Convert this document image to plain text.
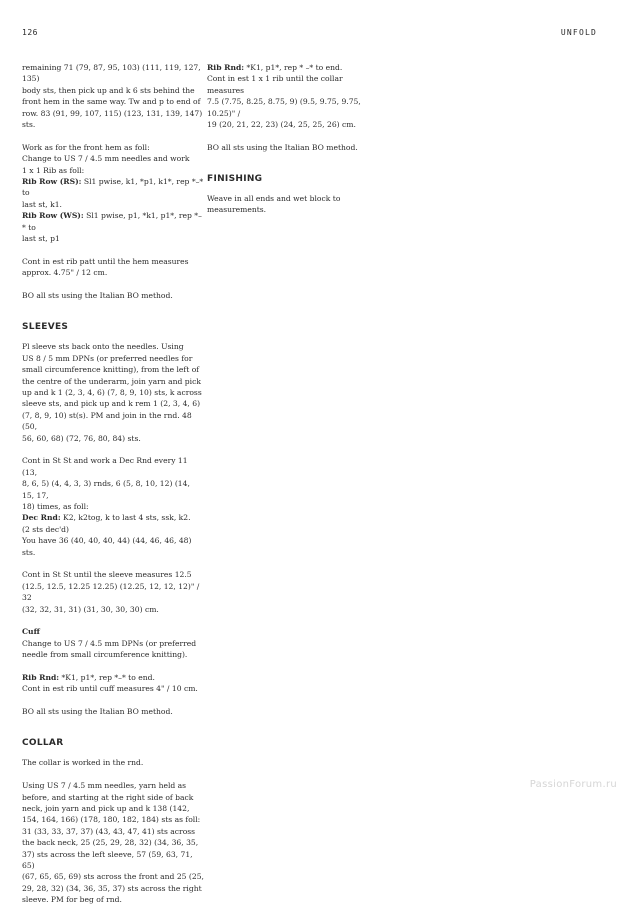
126	UNFOLD
remaining 71 (79, 87, 95, 103) (111, 119, 127, 135)
body sts, then pick up and k 6 sts behind the
front hem in the same way. Tw and p to end of
row. 83 (91, 99, 107, 115) (123, 131, 139, 147) sts.
Work as for the front hem as foll:
Change to US 7 / 4.5 mm needles and work
1 x 1 Rib as foll:
Rib Row (RS): Sl1 pwise, k1, *p1, k1*, rep *–* to
last st, k1.
Rib Row (WS): Sl1 pwise, p1, *k1, p1*, rep *–* to
last st, p1
Cont in est rib patt until the hem measures
approx. 4.75" / 12 cm.
BO all sts using the Italian BO method.
SLEEVES
Pl sleeve sts back onto the needles. Using
US 8 / 5 mm DPNs (or preferred needles for
small circumference knitting), from the left of
the centre of the underarm, join yarn and pick
up and k 1 (2, 3, 4, 6) (7, 8, 9, 10) sts, k across
sleeve sts, and pick up and k rem 1 (2, 3, 4, 6)
(7, 8, 9, 10) st(s). PM and join in the rnd. 48 (50,
56, 60, 68) (72, 76, 80, 84) sts.
Cont in St St and work a Dec Rnd every 11 (13,
8, 6, 5) (4, 4, 3, 3) rnds, 6 (5, 8, 10, 12) (14, 15, 17,
18) times, as foll:
Dec Rnd: K2, k2tog, k to last 4 sts, ssk, k2.
(2 sts dec'd)
You have 36 (40, 40, 40, 44) (44, 46, 46, 48) sts.
Cont in St St until the sleeve measures 12.5
(12.5, 12.5, 12.25 12.25) (12.25, 12, 12, 12)" / 32
(32, 32, 31, 31) (31, 30, 30, 30) cm.
Cuff
Change to US 7 / 4.5 mm DPNs (or preferred
needle from small circumference knitting).
Rib Rnd: *K1, p1*, rep *–* to end.
Cont in est rib until cuff measures 4" / 10 cm.
BO all sts using the Italian BO method.
COLLAR
The collar is worked in the rnd.
Using US 7 / 4.5 mm needles, yarn held as
before, and starting at the right side of back
neck, join yarn and pick up and k 138 (142,
154, 164, 166) (178, 180, 182, 184) sts as foll:
31 (33, 33, 37, 37) (43, 43, 47, 41) sts across
the back neck, 25 (25, 29, 28, 32) (34, 36, 35,
37) sts across the left sleeve, 57 (59, 63, 71, 65)
(67, 65, 65, 69) sts across the front and 25 (25,
29, 28, 32) (34, 36, 35, 37) sts across the right
sleeve. PM for beg of rnd.
Rib Rnd: *K1, p1*, rep * –* to end.
Cont in est 1 x 1 rib until the collar measures
7.5 (7.75, 8.25, 8.75, 9) (9.5, 9.75, 9.75, 10.25)" /
19 (20, 21, 22, 23) (24, 25, 25, 26) cm.
BO all sts using the Italian BO method.
FINISHING
Weave in all ends and wet block to
measurements.
PassionForum.ru
